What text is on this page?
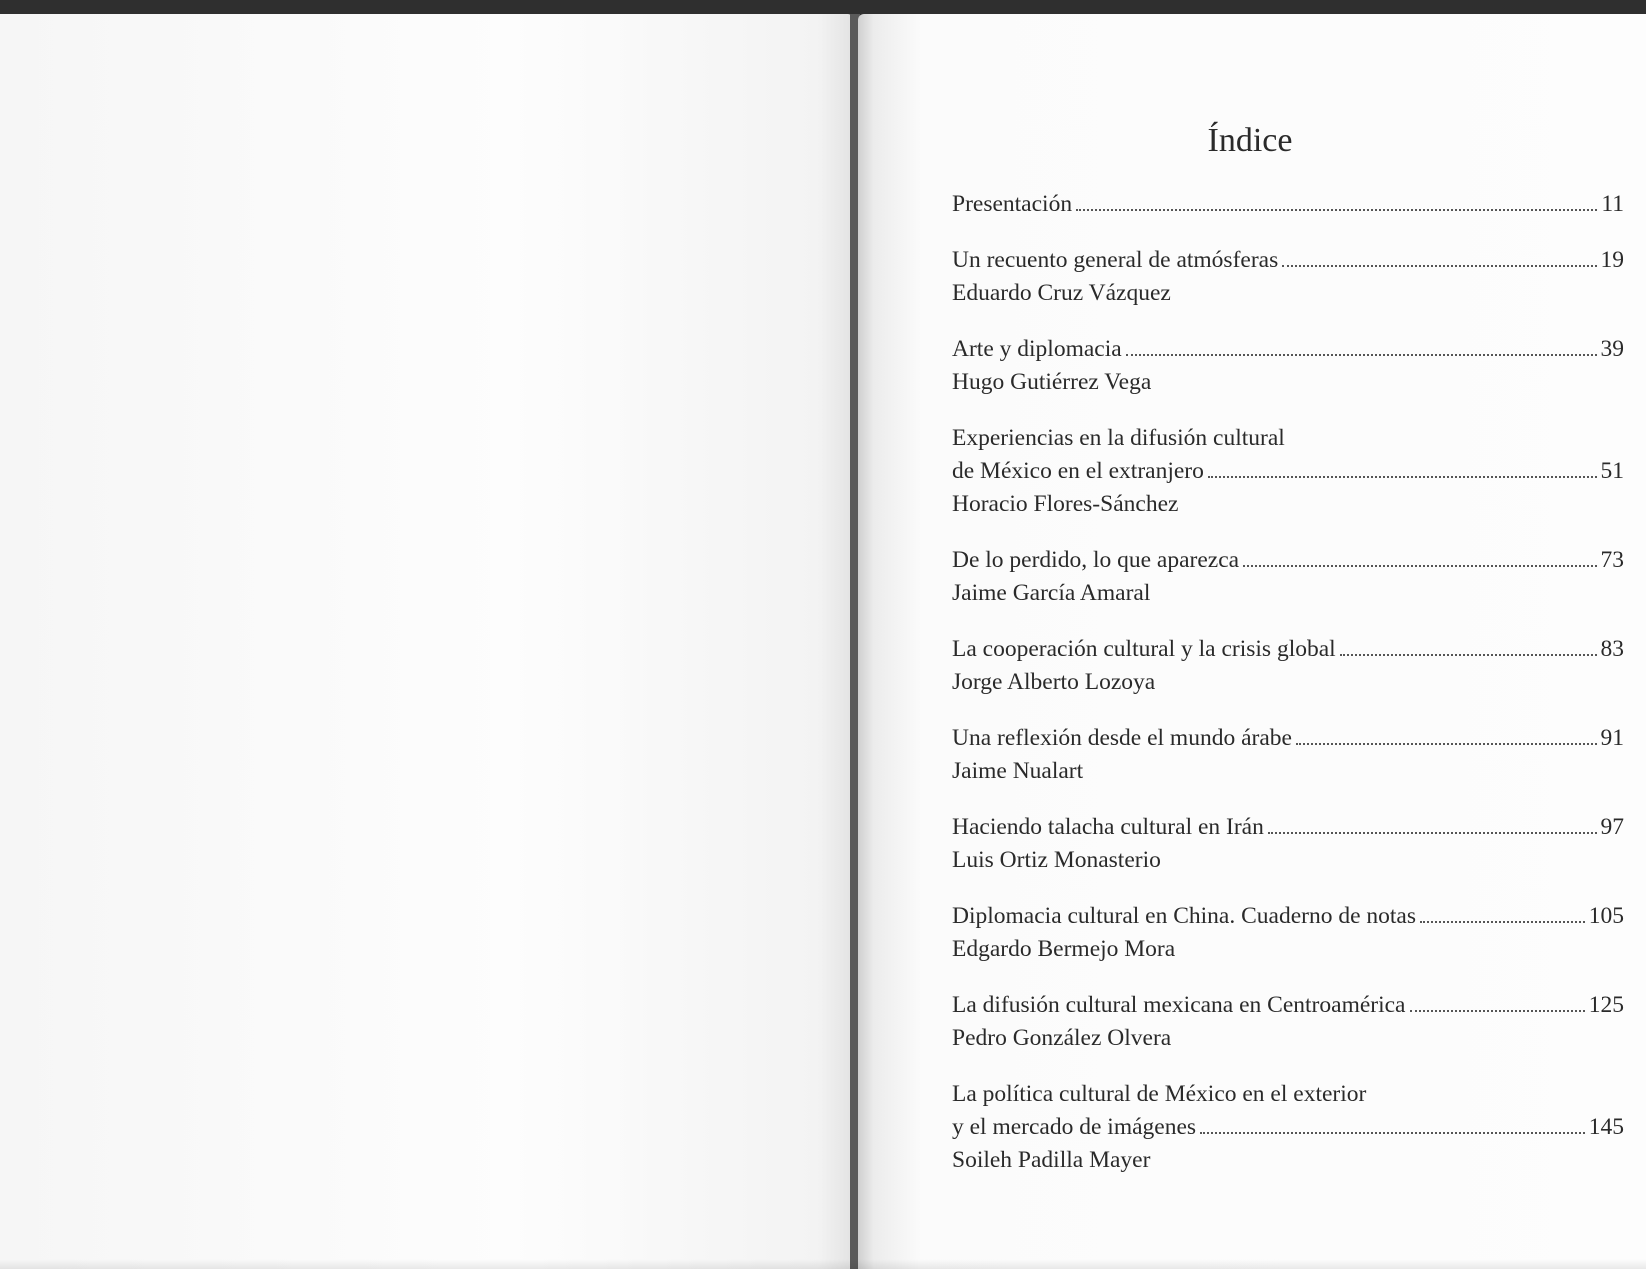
Índice
Presentación	11
Un recuento general de atmósferas	19
Eduardo Cruz Vázquez
Arte y diplomacia	39
Hugo Gutiérrez Vega
Experiencias en la difusión cultural
de México en el extranjero	51
Horacio Flores-Sánchez
De lo perdido, lo que aparezca	73
Jaime García Amaral
La cooperación cultural y la crisis global	83
Jorge Alberto Lozoya
Una reflexión desde el mundo árabe	91
Jaime Nualart
Haciendo talacha cultural en Irán	97
Luis Ortiz Monasterio
Diplomacia cultural en China. Cuaderno de notas	105
Edgardo Bermejo Mora
La difusión cultural mexicana en Centroamérica	125
Pedro González Olvera
La política cultural de México en el exterior
y el mercado de imágenes	145
Soileh Padilla Mayer
